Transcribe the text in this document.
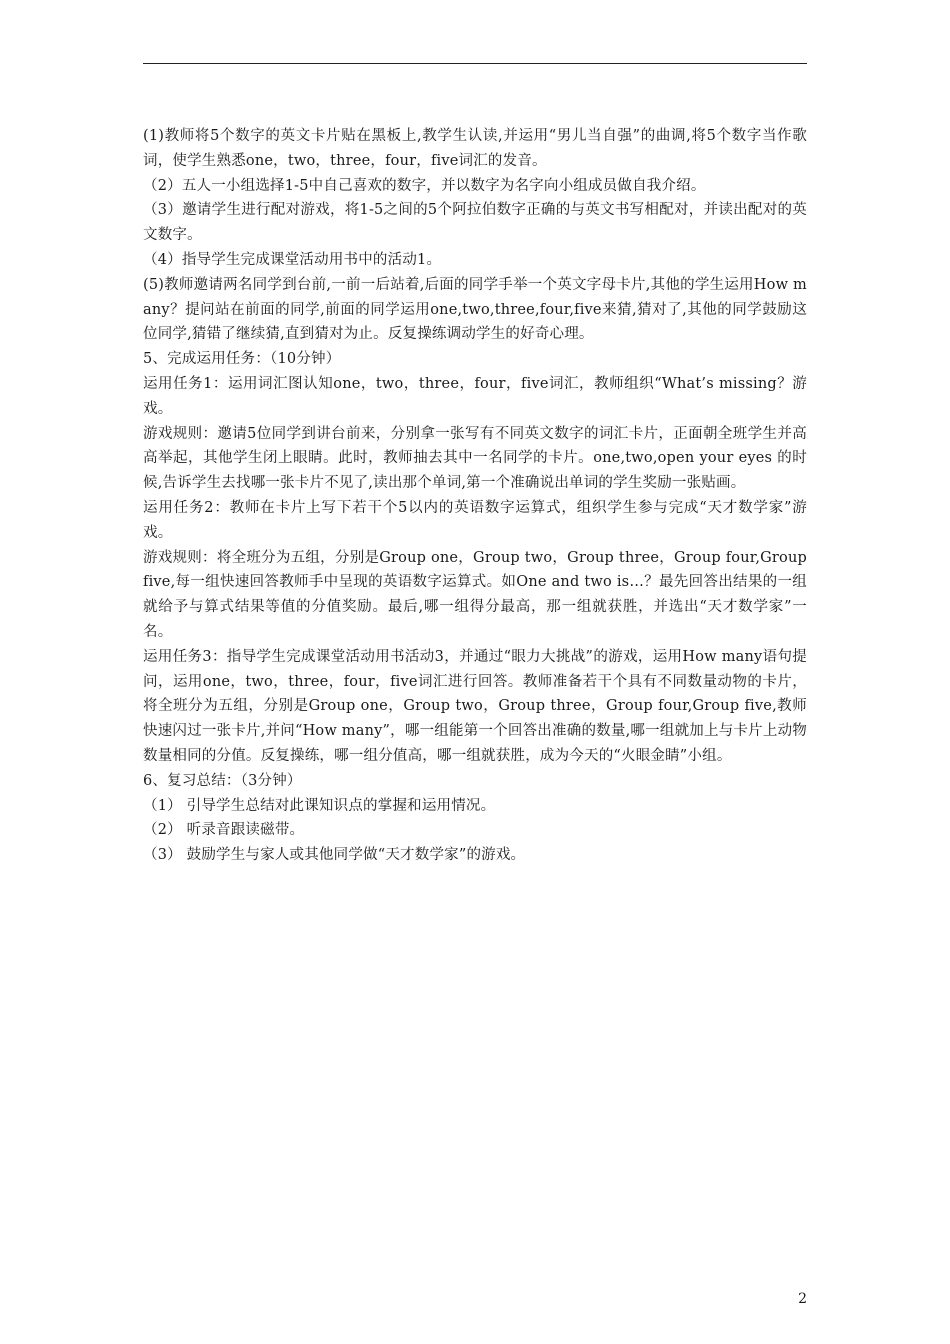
(1)教师将5个数字的英文卡片贴在黑板上,教学生认读,并运用“男儿当自强”的曲调,将5个数字当作歌词，使学生熟悉one，two，three，four，five词汇的发音。

（2）五人一小组选择1-5中自己喜欢的数字，并以数字为名字向小组成员做自我介绍。

（3）邀请学生进行配对游戏，将1-5之间的5个阿拉伯数字正确的与英文书写相配对，并读出配对的英文数字。

（4）指导学生完成课堂活动用书中的活动1。

(5)教师邀请两名同学到台前,一前一后站着,后面的同学手举一个英文字母卡片,其他的学生运用How many？提问站在前面的同学,前面的同学运用one,two,three,four,five来猜,猜对了,其他的同学鼓励这位同学,猜错了继续猜,直到猜对为止。反复操练调动学生的好奇心理。

5、完成运用任务：（10分钟）

运用任务1：运用词汇图认知one，two，three，four，five词汇，教师组织“What’s missing？游戏。

游戏规则：邀请5位同学到讲台前来，分别拿一张写有不同英文数字的词汇卡片，正面朝全班学生并高高举起，其他学生闭上眼睛。此时，教师抽去其中一名同学的卡片。one,two,open your eyes 的时候,告诉学生去找哪一张卡片不见了,读出那个单词,第一个准确说出单词的学生奖励一张贴画。

运用任务2：教师在卡片上写下若干个5以内的英语数字运算式，组织学生参与完成“天才数学家”游戏。

游戏规则：将全班分为五组，分别是Group one，Group two，Group three，Group four,Group five,每一组快速回答教师手中呈现的英语数字运算式。如One and two is…？最先回答出结果的一组就给予与算式结果等值的分值奖励。最后,哪一组得分最高，那一组就获胜，并选出“天才数学家”一名。

运用任务3：指导学生完成课堂活动用书活动3，并通过“眼力大挑战”的游戏，运用How many语句提问，运用one，two，three，four，five词汇进行回答。教师准备若干个具有不同数量动物的卡片，将全班分为五组，分别是Group one，Group two，Group three，Group four,Group five,教师快速闪过一张卡片,并问“How many”，哪一组能第一个回答出准确的数量,哪一组就加上与卡片上动物数量相同的分值。反复操练，哪一组分值高，哪一组就获胜，成为今天的“火眼金睛”小组。

6、复习总结：（3分钟）

（1） 引导学生总结对此课知识点的掌握和运用情况。

（2） 听录音跟读磁带。

（3） 鼓励学生与家人或其他同学做“天才数学家”的游戏。

2
